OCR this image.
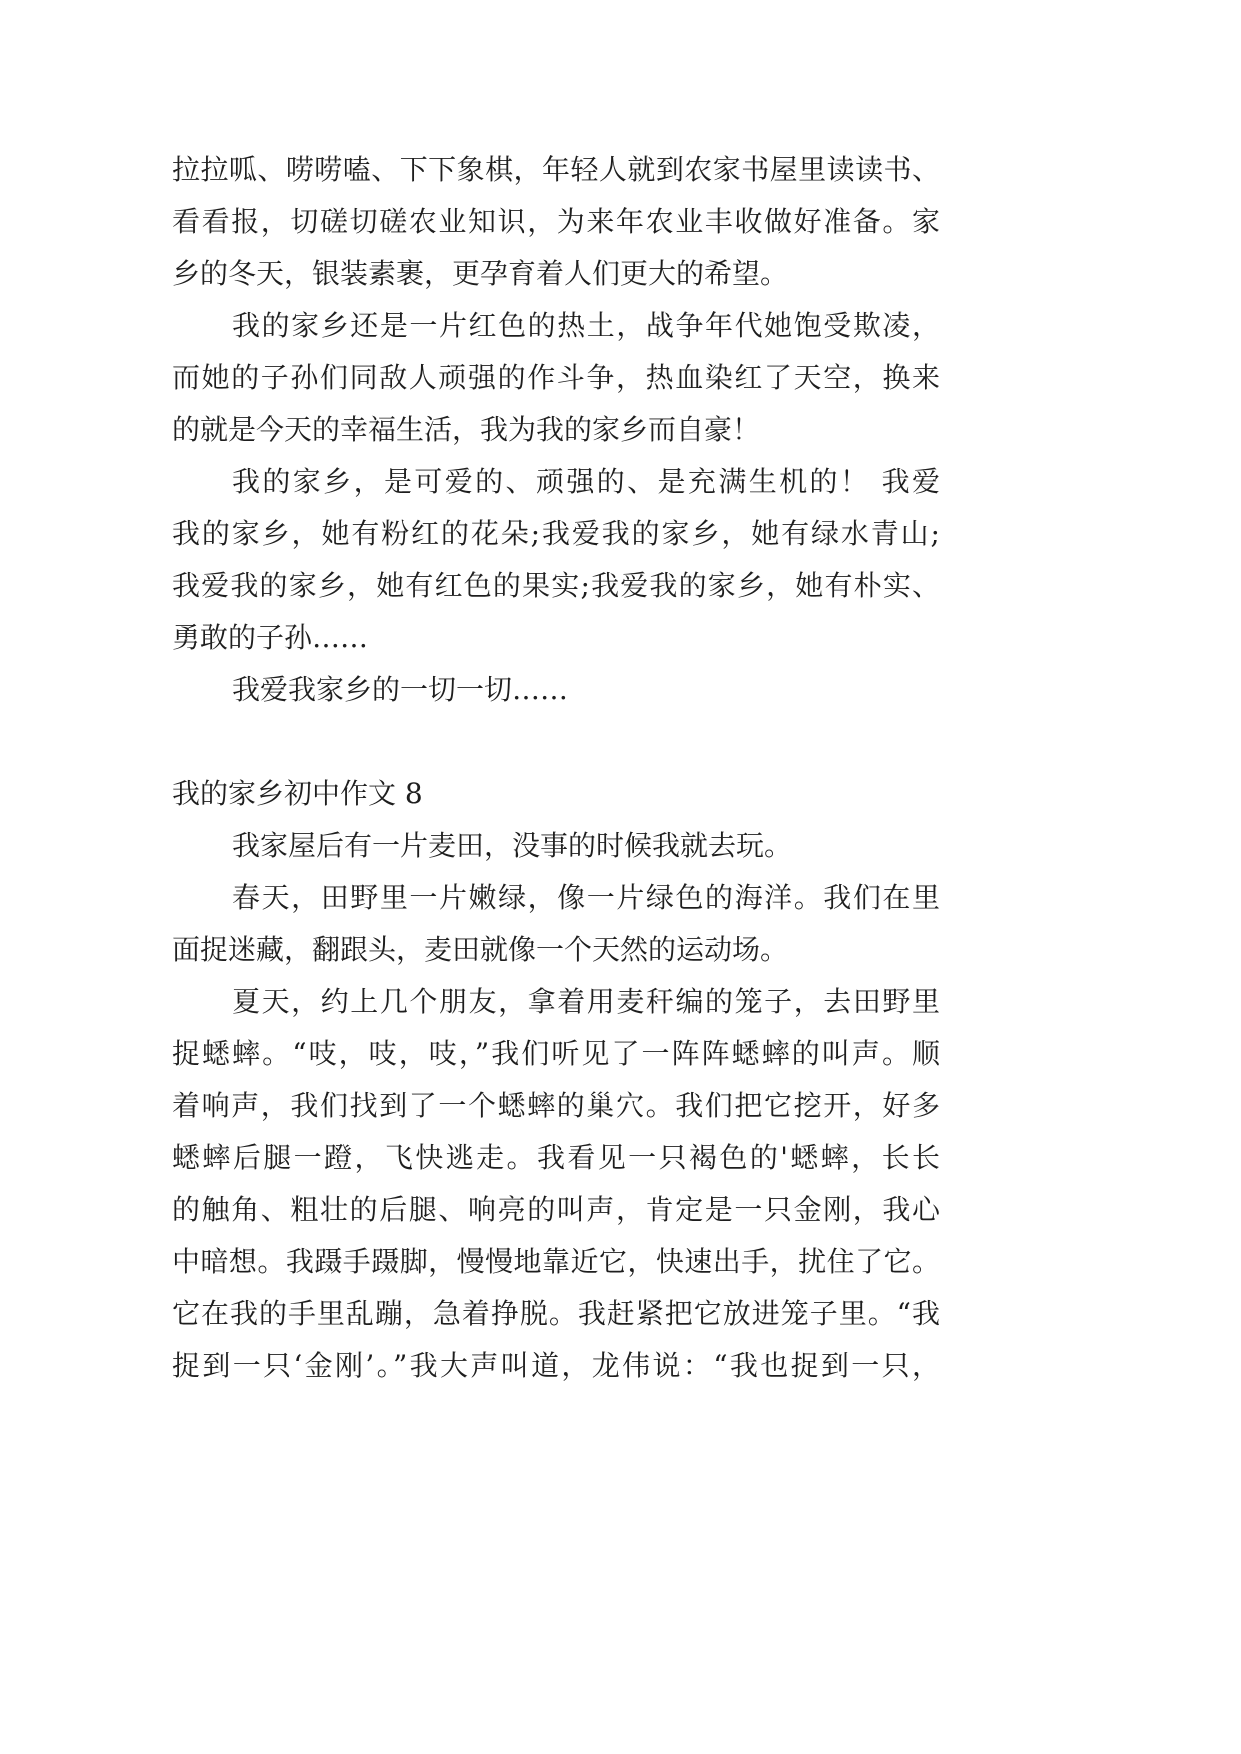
拉拉呱、唠唠嗑、下下象棋，年轻人就到农家书屋里读读书、
看看报，切磋切磋农业知识，为来年农业丰收做好准备。家
乡的冬天，银装素裹，更孕育着人们更大的希望。
我的家乡还是一片红色的热土，战争年代她饱受欺凌，
而她的子孙们同敌人顽强的作斗争，热血染红了天空，换来
的就是今天的幸福生活，我为我的家乡而自豪！
我的家乡，是可爱的、顽强的、是充满生机的！ 我爱
我的家乡，她有粉红的花朵;我爱我的家乡，她有绿水青山;
我爱我的家乡，她有红色的果实;我爱我的家乡，她有朴实、
勇敢的子孙……
我爱我家乡的一切一切……
我的家乡初中作文 8
我家屋后有一片麦田，没事的时候我就去玩。
春天，田野里一片嫩绿，像一片绿色的海洋。我们在里
面捉迷藏，翻跟头，麦田就像一个天然的运动场。
夏天，约上几个朋友，拿着用麦秆编的笼子，去田野里
捉蟋蟀。“吱，吱，吱，”我们听见了一阵阵蟋蟀的叫声。顺
着响声，我们找到了一个蟋蟀的巢穴。我们把它挖开，好多
蟋蟀后腿一蹬，飞快逃走。我看见一只褐色的'蟋蟀，长长
的触角、粗壮的后腿、响亮的叫声，肯定是一只金刚，我心
中暗想。我蹑手蹑脚，慢慢地靠近它，快速出手，扰住了它。
它在我的手里乱蹦，急着挣脱。我赶紧把它放进笼子里。“我
捉到一只‘金刚’。”我大声叫道，龙伟说：“我也捉到一只，
